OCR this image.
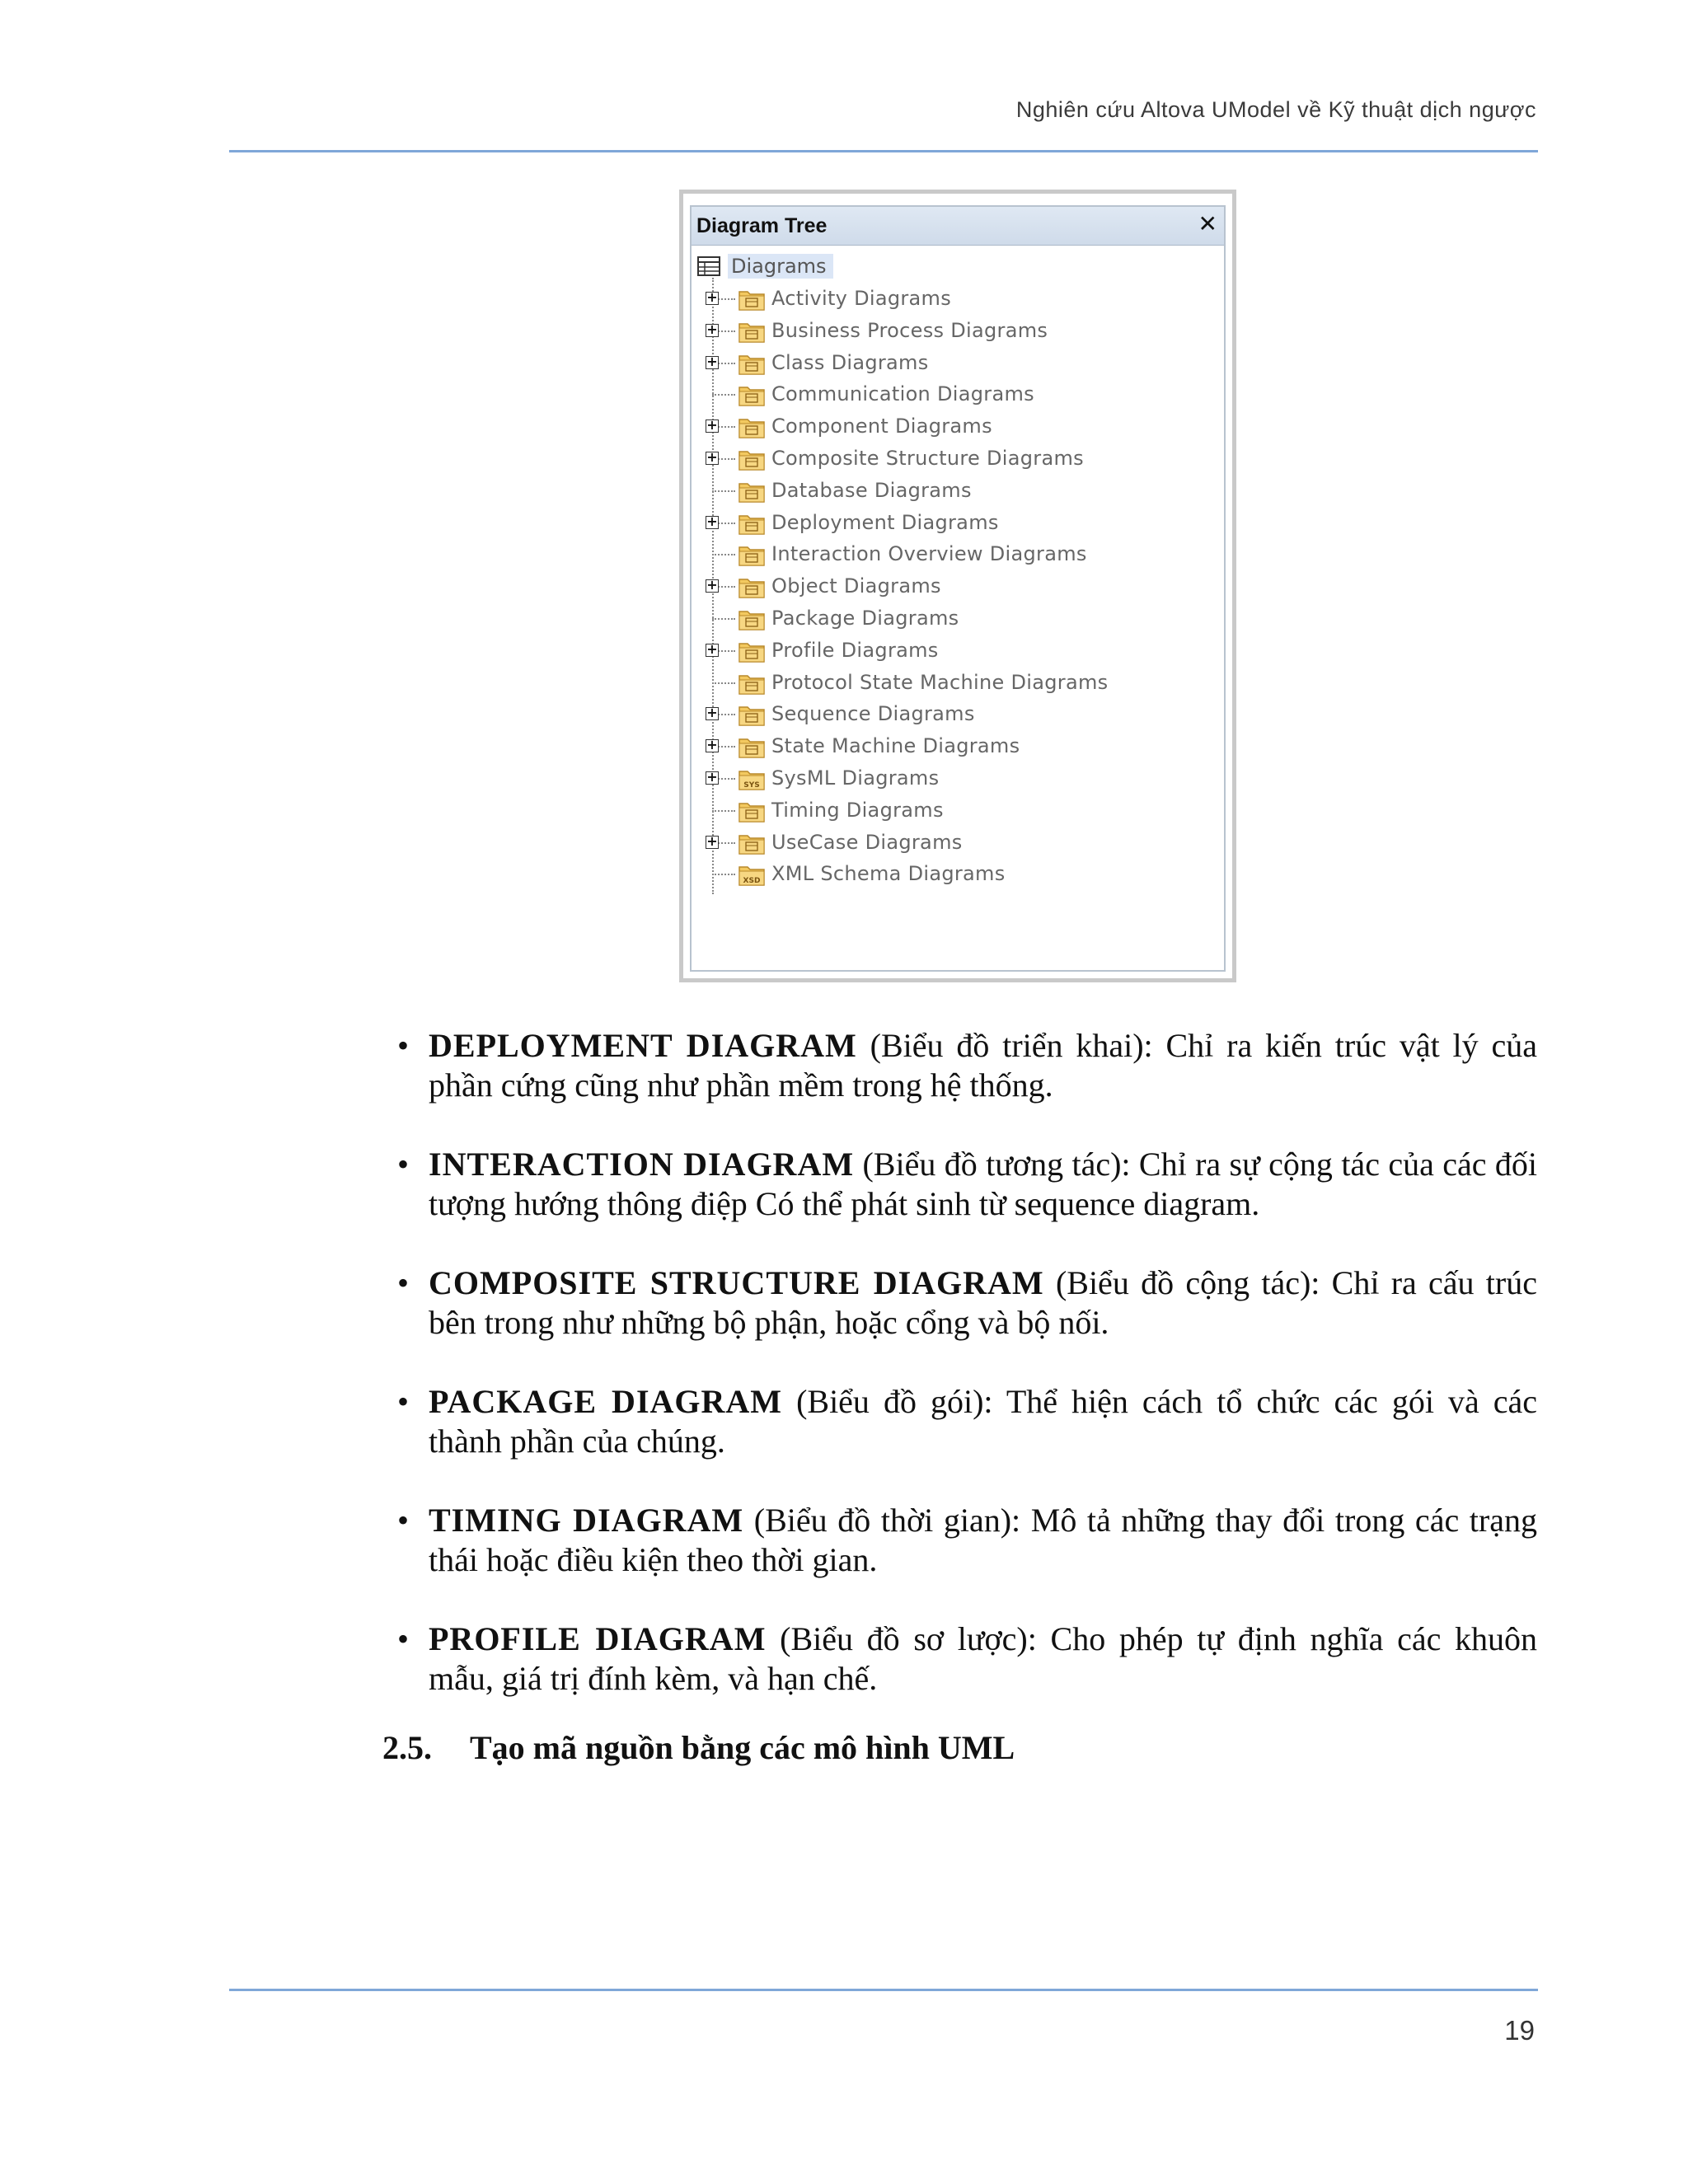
Nghiên cứu Altova UModel về Kỹ thuật dịch ngược
Diagram Tree	✕
Diagrams
+	Activity Diagrams
+	Business Process Diagrams
+	Class Diagrams
Communication Diagrams
+	Component Diagrams
+	Composite Structure Diagrams
Database Diagrams
+	Deployment Diagrams
Interaction Overview Diagrams
+	Object Diagrams
Package Diagrams
+	Profile Diagrams
Protocol State Machine Diagrams
+	Sequence Diagrams
+	State Machine Diagrams
+
SYS SysML Diagrams
Timing Diagrams
+	UseCase Diagrams
XSD XML Schema Diagrams
• DEPLOYMENT DIAGRAM (Biểu đồ triển khai): Chỉ ra kiến trúc vật lý của phần cứng cũng như phần mềm trong hệ thống.
• INTERACTION DIAGRAM (Biểu đồ tương tác): Chỉ ra sự cộng tác của các đối tượng hướng thông điệp Có thể phát sinh từ sequence diagram.
• COMPOSITE STRUCTURE DIAGRAM (Biểu đồ cộng tác): Chỉ ra cấu trúc bên trong như những bộ phận, hoặc cổng và bộ nối.
• PACKAGE DIAGRAM (Biểu đồ gói): Thể hiện cách tổ chức các gói và các thành phần của chúng.
• TIMING DIAGRAM (Biểu đồ thời gian): Mô tả những thay đổi trong các trạng thái hoặc điều kiện theo thời gian.
• PROFILE DIAGRAM (Biểu đồ sơ lược): Cho phép tự định nghĩa các khuôn mẫu, giá trị đính kèm, và hạn chế.
2.5. Tạo mã nguồn bằng các mô hình UML
19
